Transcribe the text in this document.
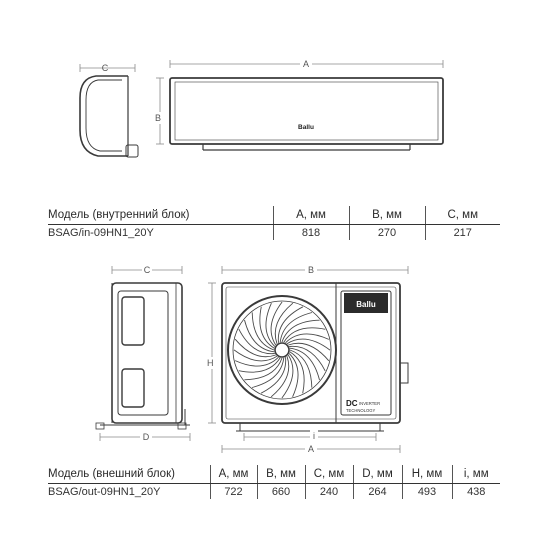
C
Ballu
A
B
Модель (внутренний блок)	A, мм	B, мм	C, мм
BSAG/in-09HN1_20Y	818	270	217
C
D
Ballu
DC INVERTER
TECHNOLOGY
B
H
i
A
Модель (внешний блок)	A, мм	B, мм	C, мм	D, мм	H, мм	i, мм
BSAG/out-09HN1_20Y	722	660	240	264	493	438
